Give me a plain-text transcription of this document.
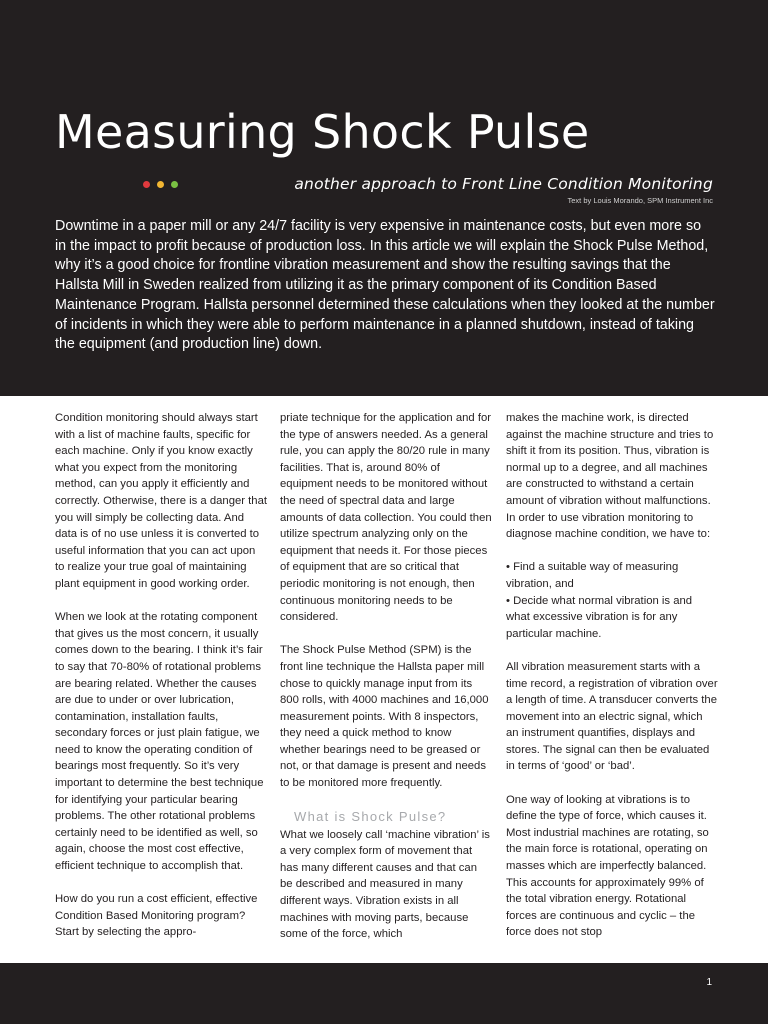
Measuring Shock Pulse
another approach to Front Line Condition Monitoring
Text by Louis Morando, SPM Instrument Inc

Downtime in a paper mill or any 24/7 facility is very expensive in maintenance costs, but even more so in the impact to profit because of production loss. In this article we will explain the Shock Pulse Method, why it’s a good choice for frontline vibration measurement and show the resulting savings that the Hallsta Mill in Sweden realized from utilizing it as the primary component of its Condition Based Maintenance Program. Hallsta personnel determined these calculations when they looked at the number of incidents in which they were able to perform maintenance in a planned shutdown, instead of taking the equipment (and production line) down.

Condition monitoring should always start with a list of machine faults, specific for each machine. Only if you know exactly what you expect from the monitoring method, can you apply it efficiently and correctly. Otherwise, there is a danger that you will simply be collecting data. And data is of no use unless it is converted to useful information that you can act upon to realize your true goal of maintaining plant equipment in good working order.

When we look at the rotating component that gives us the most concern, it usually comes down to the bearing. I think it’s fair to say that 70-80% of rotational problems are bearing related. Whether the causes are due to under or over lubrication, contamination, installation faults, secondary forces or just plain fatigue, we need to know the operating condition of bearings most frequently. So it’s very important to determine the best technique for identifying your particular bearing problems. The other rotational problems certainly need to be identified as well, so again, choose the most cost effective, efficient technique to accomplish that.

How do you run a cost efficient, effective Condition Based Monitoring program? Start by selecting the appro-

priate technique for the application and for the type of answers needed. As a general rule, you can apply the 80/20 rule in many facilities. That is, around 80% of equipment needs to be monitored without the need of spectral data and large amounts of data collection. You could then utilize spectrum analyzing only on the equipment that needs it. For those pieces of equipment that are so critical that periodic monitoring is not enough, then continuous monitoring needs to be considered.

The Shock Pulse Method (SPM) is the front line technique the Hallsta paper mill chose to quickly manage input from its 800 rolls, with 4000 machines and 16,000 measurement points. With 8 inspectors, they need a quick method to know whether bearings need to be greased or not, or that damage is present and needs to be monitored more frequently.

What is Shock Pulse?

What we loosely call ‘machine vibration’ is a very complex form of movement that has many different causes and that can be described and measured in many different ways. Vibration exists in all machines with moving parts, because some of the force, which

makes the machine work, is directed against the machine structure and tries to shift it from its position. Thus, vibration is normal up to a degree, and all machines are constructed to withstand a certain amount of vibration without malfunctions. In order to use vibration monitoring to diagnose machine condition, we have to:

• Find a suitable way of measuring vibration, and

• Decide what normal vibration is and what excessive vibration is for any particular machine.

All vibration measurement starts with a time record, a registration of vibration over a length of time. A transducer converts the movement into an electric signal, which an instrument quantifies, displays and stores. The signal can then be evaluated in terms of ‘good’ or ‘bad’.

One way of looking at vibrations is to define the type of force, which causes it. Most industrial machines are rotating, so the main force is rotational, operating on masses which are imperfectly balanced. This accounts for approximately 99% of the total vibration energy. Rotational forces are continuous and cyclic – the force does not stop

1
